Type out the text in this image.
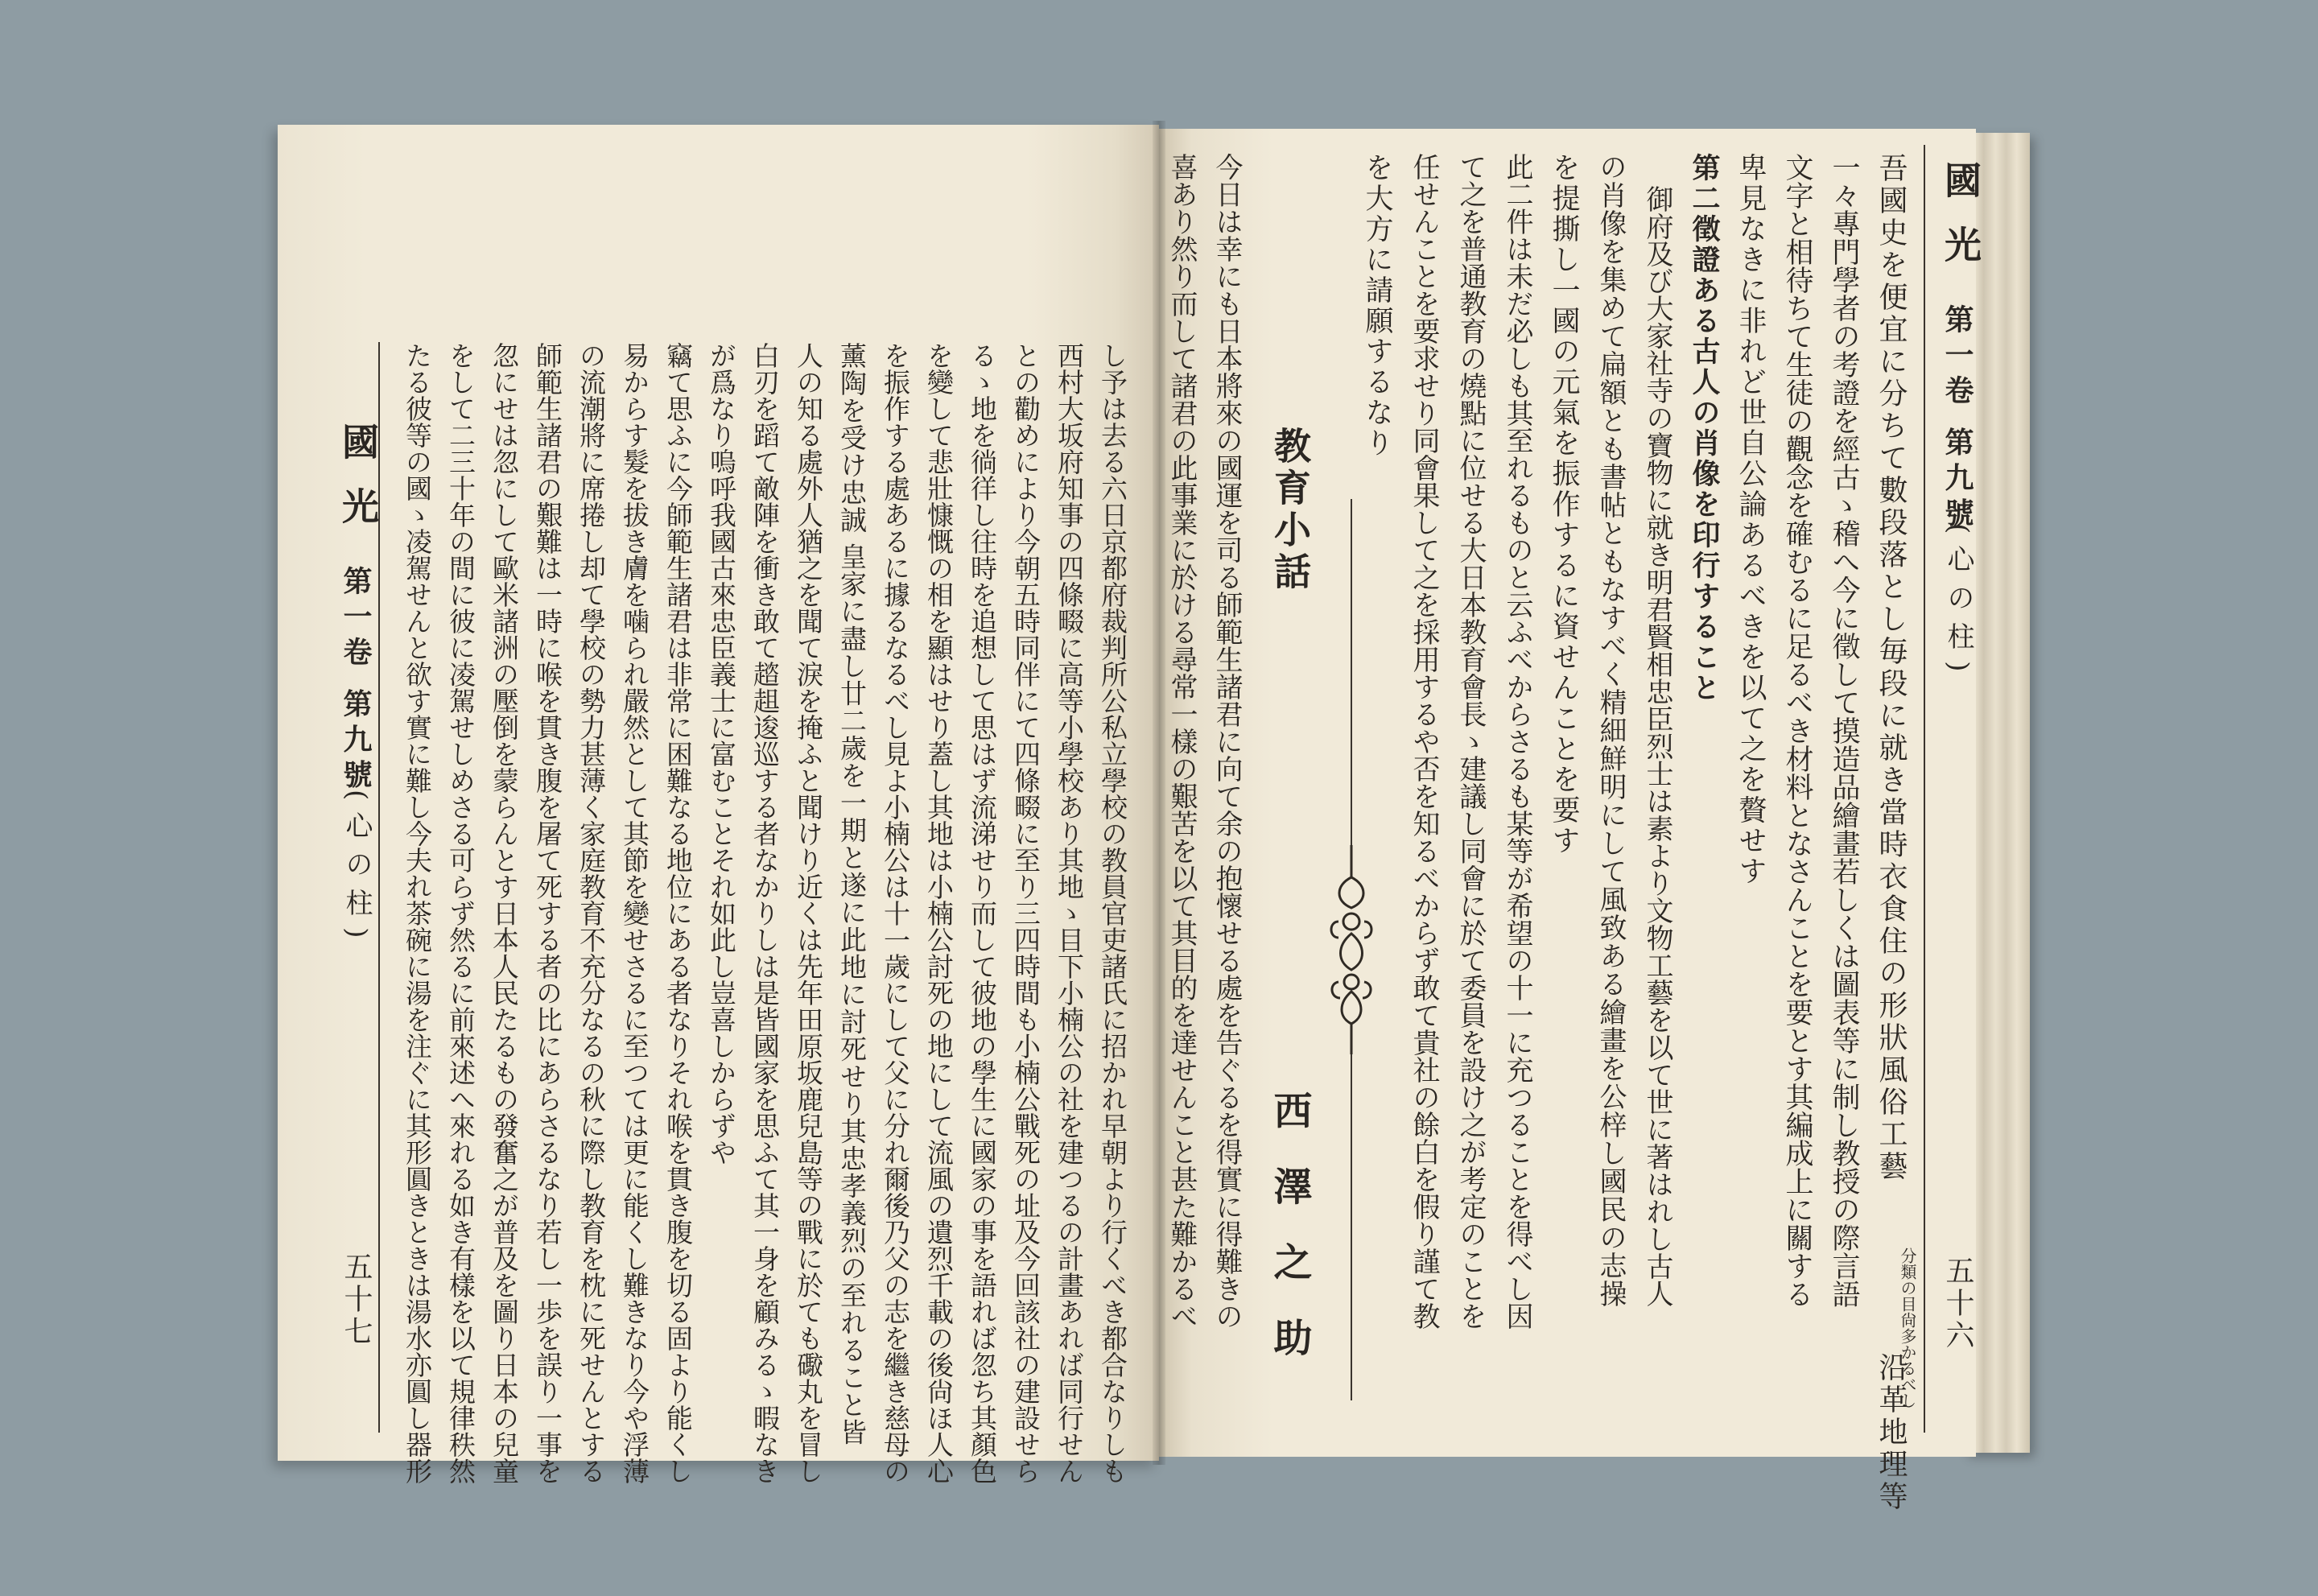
國光
第一卷 第九號
(心の柱)
五十六
吾國史を便宜に分ちて數段落とし毎段に就き當時衣食住の形狀風俗工藝沿革地理等
分類の目尙多かるべし
一々專門學者の考證を經古ゝ稽へ今に徵して摸造品繪畫若しくは圖表等に制し教授の際言語
文字と相待ちて生徒の觀念を確むるに足るべき材料となさんことを要とす其編成上に關する
卑見なきに非れど世自公論あるべきを以て之を贅せす
第二徵證ある古人の肖像を印行すること
御府及び大家社寺の寶物に就き明君賢相忠臣烈士は素より文物工藝を以て世に著はれし古人
の肖像を集めて扁額とも書帖ともなすべく精細鮮明にして風致ある繪畫を公梓し國民の志操
を提撕し一國の元氣を振作するに資せんことを要す
此二件は未だ必しも其至れるものと云ふべからさるも某等が希望の十一に充つることを得べし因
て之を普通教育の燒點に位せる大日本教育會長ゝ建議し同會に於て委員を設け之が考定のことを
任せんことを要求せり同會果して之を採用するや否を知るべからず敢て貴社の餘白を假り謹て教
を大方に請願するなり
教育小話
西澤之助
今日は幸にも日本將來の國運を司る師範生諸君に向て余の抱懷せる處を告ぐるを得實に得難きの
喜あり然り而して諸君の此事業に於ける尋常一樣の艱苦を以て其目的を達せんこと甚た難かるべ
國光
第一卷 第九號
(心の柱)
五十七	し予は去る六日京都府裁判所公私立學校の教員官吏諸氏に招かれ早朝より行くべき都合なりしも
西村大坂府知事の四條畷に高等小學校あり其地ゝ目下小楠公の社を建つるの計畫あれば同行せん
との勸めにより今朝五時同伴にて四條畷に至り三四時間も小楠公戰死の址及今回該社の建設せら
るゝ地を徜徉し往時を追想して思はず流涕せり而して彼地の學生に國家の事を語れば忽ち其顏色
を變して悲壯慷慨の相を顯はせり蓋し其地は小楠公討死の地にして流風の遺烈千載の後尙ほ人心
を振作する處あるに據るなるべし見よ小楠公は十一歲にして父に分れ爾後乃父の志を繼き慈母の
薰陶を受け忠誠 皇家に盡し廿二歲を一期と遂に此地に討死せり其忠孝義烈の至れること皆
人の知る處外人猶之を聞て淚を掩ふと聞けり近くは先年田原坂鹿兒島等の戰に於ても礮丸を冒し
白刃を蹈て敵陣を衝き敢て趦趄逡巡する者なかりしは是皆國家を思ふて其一身を顧みるゝ暇なき
が爲なり嗚呼我國古來忠臣義士に富むことそれ如此し豈喜しからずや
竊て思ふに今師範生諸君は非常に困難なる地位にある者なりそれ喉を貫き腹を切る固より能くし
易からす髮を拔き膚を噛られ嚴然として其節を變せさるに至つては更に能くし難きなり今や浮薄
の流潮將に席捲し却て學校の勢力甚薄く家庭教育不充分なるの秋に際し教育を枕に死せんとする
師範生諸君の艱難は一時に喉を貫き腹を屠て死する者の比にあらさるなり若し一歩を誤り一事を
忽にせは忽にして歐米諸洲の壓倒を蒙らんとす日本人民たるもの發奮之が普及を圖り日本の兒童
をして二三十年の間に彼に凌駕せしめさる可らず然るに前來述へ來れる如き有樣を以て規律秩然
たる彼等の國ゝ凌駕せんと欲す實に難し今夫れ茶碗に湯を注ぐに其形圓きときは湯水亦圓し器形
